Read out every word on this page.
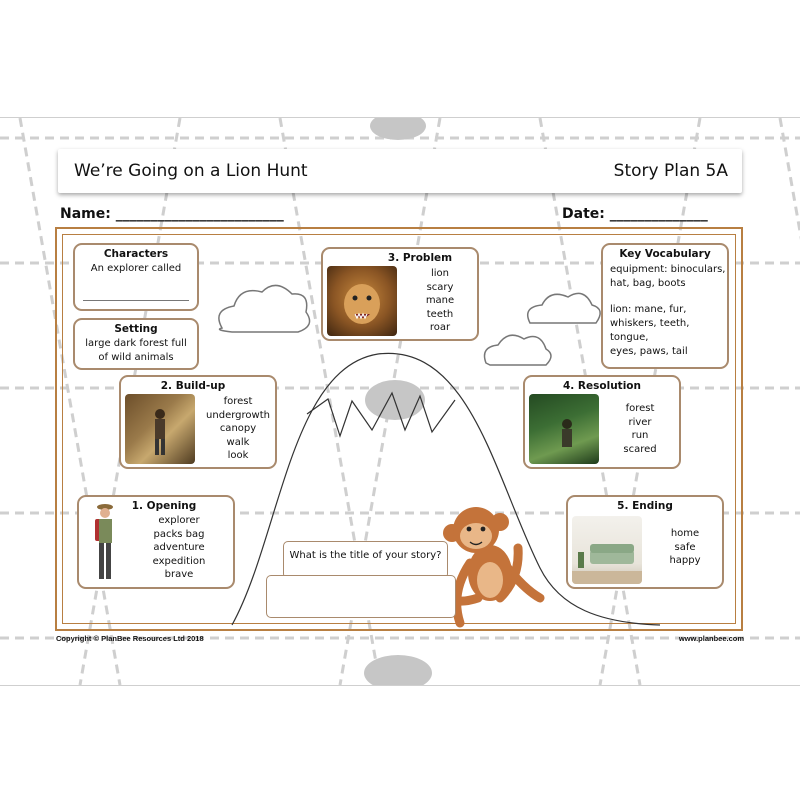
We’re Going on a Lion Hunt	Story Plan 5A
Name: ________________________	Date: ______________
Characters
An explorer called
Setting
large dark forest full
of wild animals
3. Problem
lion
scary
mane
teeth
roar
Key Vocabulary
equipment: binoculars,
hat, bag, boots
lion: mane, fur,
whiskers, teeth, tongue,
eyes, paws, tail
2. Build-up
forest
undergrowth
canopy
walk
look
4. Resolution
forest
river
run
scared
1. Opening
explorer
packs bag
adventure
expedition
brave
5. Ending
home
safe
happy
What is the title of your story?
Copyright © PlanBee Resources Ltd 2018	www.planbee.com
